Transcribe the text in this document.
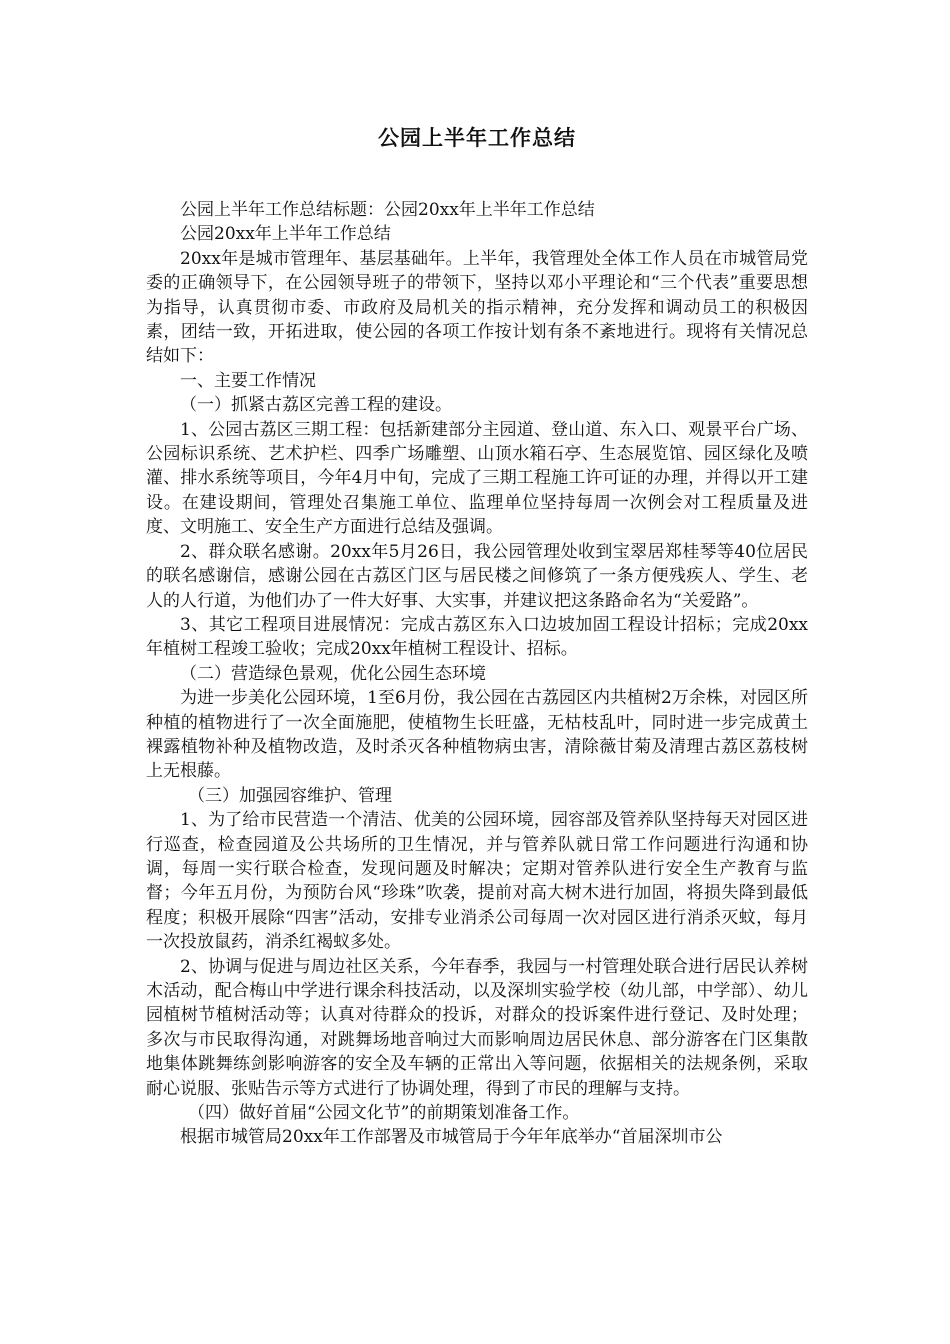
公园上半年工作总结

公园上半年工作总结标题：公园20xx年上半年工作总结

公园20xx年上半年工作总结

20xx年是城市管理年、基层基础年。上半年，我管理处全体工作人员在市城管局党委的正确领导下，在公园领导班子的带领下，坚持以邓小平理论和“三个代表”重要思想为指导，认真贯彻市委、市政府及局机关的指示精神，充分发挥和调动员工的积极因素，团结一致，开拓进取，使公园的各项工作按计划有条不紊地进行。现将有关情况总结如下：

一、主要工作情况

（一）抓紧古荔区完善工程的建设。

1、公园古荔区三期工程：包括新建部分主园道、登山道、东入口、观景平台广场、公园标识系统、艺术护栏、四季广场雕塑、山顶水箱石亭、生态展览馆、园区绿化及喷灌、排水系统等项目，今年4月中旬，完成了三期工程施工许可证的办理，并得以开工建设。在建设期间，管理处召集施工单位、监理单位坚持每周一次例会对工程质量及进度、文明施工、安全生产方面进行总结及强调。

2、群众联名感谢。20xx年5月26日，我公园管理处收到宝翠居郑桂琴等40位居民的联名感谢信，感谢公园在古荔区门区与居民楼之间修筑了一条方便残疾人、学生、老人的人行道，为他们办了一件大好事、大实事，并建议把这条路命名为“关爱路”。

3、其它工程项目进展情况：完成古荔区东入口边坡加固工程设计招标；完成20xx年植树工程竣工验收；完成20xx年植树工程设计、招标。

（二）营造绿色景观，优化公园生态环境

为进一步美化公园环境，1至6月份，我公园在古荔园区内共植树2万余株，对园区所种植的植物进行了一次全面施肥，使植物生长旺盛，无枯枝乱叶，同时进一步完成黄土裸露植物补种及植物改造，及时杀灭各种植物病虫害，清除薇甘菊及清理古荔区荔枝树上无根藤。

（三）加强园容维护、管理

1、为了给市民营造一个清洁、优美的公园环境，园容部及管养队坚持每天对园区进行巡查，检查园道及公共场所的卫生情况，并与管养队就日常工作问题进行沟通和协调，每周一实行联合检查，发现问题及时解决；定期对管养队进行安全生产教育与监督；今年五月份，为预防台风“珍珠”吹袭，提前对高大树木进行加固，将损失降到最低程度；积极开展除“四害”活动，安排专业消杀公司每周一次对园区进行消杀灭蚊，每月一次投放鼠药，消杀红褐蚁多处。

2、协调与促进与周边社区关系，今年春季，我园与一村管理处联合进行居民认养树木活动，配合梅山中学进行课余科技活动，以及深圳实验学校（幼儿部，中学部）、幼儿园植树节植树活动等；认真对待群众的投诉，对群众的投诉案件进行登记、及时处理；多次与市民取得沟通，对跳舞场地音响过大而影响周边居民休息、部分游客在门区集散地集体跳舞练剑影响游客的安全及车辆的正常出入等问题，依据相关的法规条例，采取耐心说服、张贴告示等方式进行了协调处理，得到了市民的理解与支持。

（四）做好首届“公园文化节”的前期策划准备工作。

根据市城管局20xx年工作部署及市城管局于今年年底举办“首届深圳市公
